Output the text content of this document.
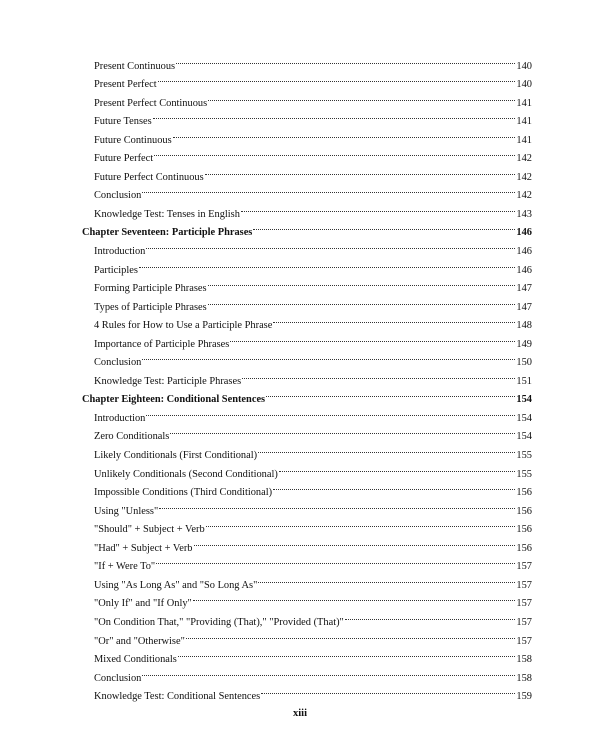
Present Continuous	140
Present Perfect	140
Present Perfect Continuous	141
Future Tenses	141
Future Continuous	141
Future Perfect	142
Future Perfect Continuous	142
Conclusion	142
Knowledge Test: Tenses in English	143
Chapter Seventeen: Participle Phrases	146
Introduction	146
Participles	146
Forming Participle Phrases	147
Types of Participle Phrases	147
4 Rules for How to Use a Participle Phrase	148
Importance of Participle Phrases	149
Conclusion	150
Knowledge Test: Participle Phrases	151
Chapter Eighteen: Conditional Sentences	154
Introduction	154
Zero Conditionals	154
Likely Conditionals (First Conditional)	155
Unlikely Conditionals (Second Conditional)	155
Impossible Conditions (Third Conditional)	156
Using "Unless"	156
"Should" + Subject + Verb	156
"Had" + Subject + Verb	156
"If + Were To"	157
Using "As Long As" and "So Long As"	157
"Only If" and "If Only"	157
"On Condition That," "Providing (That)," "Provided (That)"	157
"Or" and "Otherwise"	157
Mixed Conditionals	158
Conclusion	158
Knowledge Test: Conditional Sentences	159
xiii
